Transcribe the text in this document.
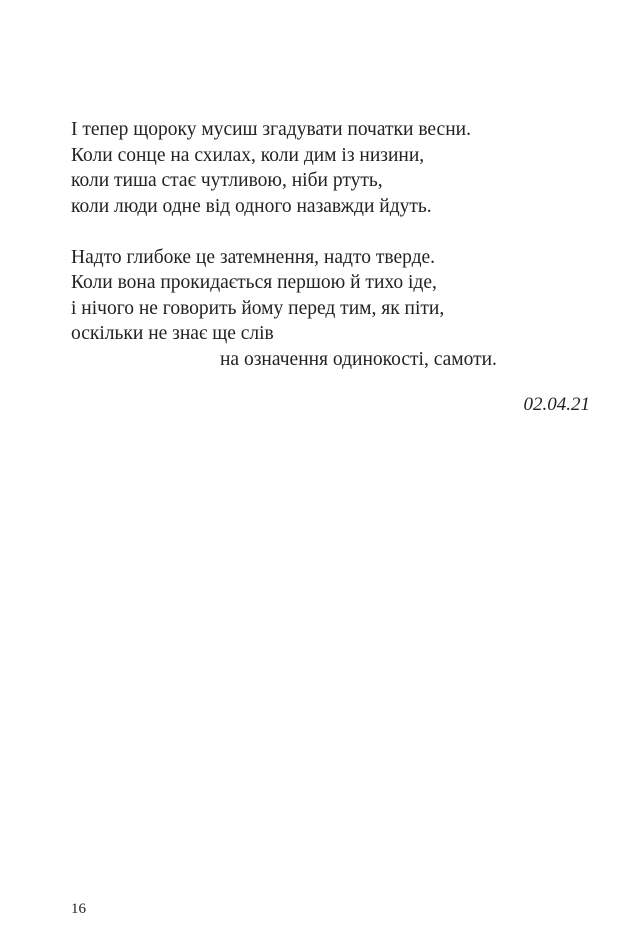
І тепер щороку мусиш згадувати початки весни.
Коли сонце на схилах, коли дим із низини,
коли тиша стає чутливою, ніби ртуть,
коли люди одне від одного назавжди йдуть.

Надто глибоке це затемнення, надто тверде.
Коли вона прокидається першою й тихо іде,
і нічого не говорить йому перед тим, як піти,
оскільки не знає ще слів
на означення одинокості, самоти.

02.04.21
16
